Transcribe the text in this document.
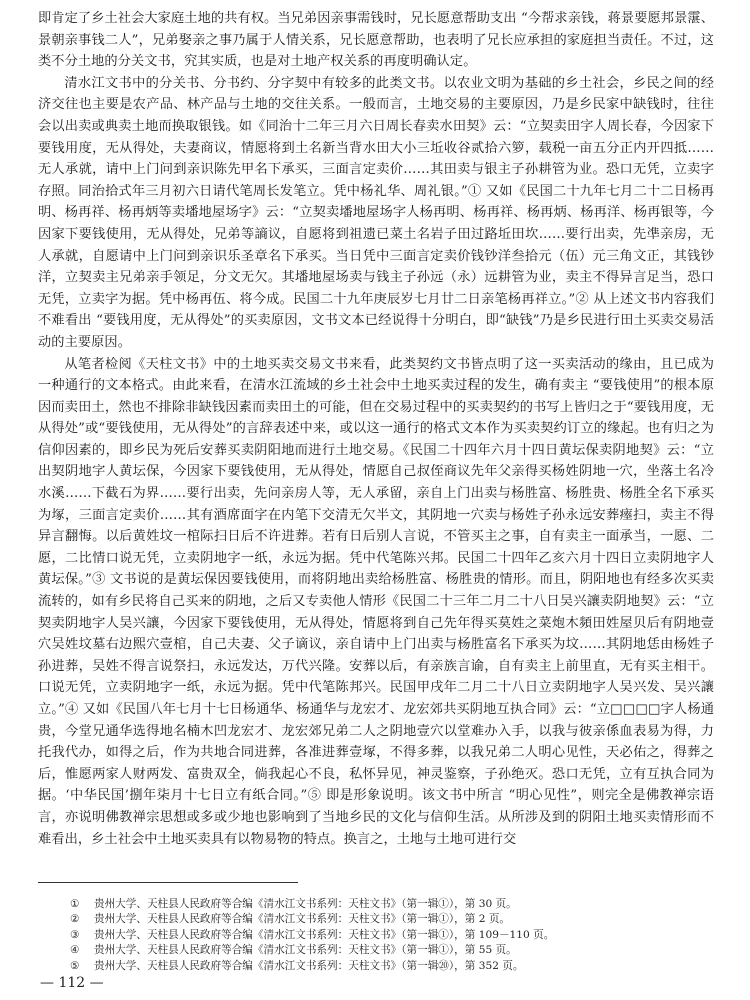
即肯定了乡土社会大家庭土地的共有权。当兄弟因亲事需钱时，兄长愿意帮助支出 “今帮求亲钱，蒋景要愿邦景霮、景朝亲事钱二人”，兄弟娶亲之事乃属于人情关系，兄长愿意帮助，也表明了兄长应承担的家庭担当责任。不过，这类不分土地的分关文书，究其实质，也是对土地产权关系的再度明确认定。

清水江文书中的分关书、分书约、分字契中有较多的此类文书。以农业文明为基础的乡土社会，乡民之间的经济交往也主要是农产品、林产品与土地的交往关系。一般而言，土地交易的主要原因，乃是乡民家中缺钱时，往往会以出卖或典卖土地而换取银钱。如《同治十二年三月六日周长春卖水田契》云：“立契卖田字人周长春，今因家下要钱用度，无从得处，夫妻商议，情愿将到土名新当背水田大小三坵收谷贰拾六箩，载税一亩五分正内开四抵……无人承就，请中上门问到亲识陈先甲名下承买，三面言定卖价……其田卖与银主子孙耕管为业。恐口无凭，立卖字存照。同治拾式年三月初六日请代笔周长发笔立。凭中杨礼华、周礼银。”① 又如《民国二十九年七月二十二日杨再明、杨再祥、杨再炳等卖墦地屋场字》云：“立契卖墦地屋场字人杨再明、杨再祥、杨再炳、杨再洋、杨再银等，今因家下要钱使用，无从得处，兄弟等謪议，自愿将到祖遗已菜土名岩子田过路坵田坎……要行出卖，先凖亲房，无人承就，自愿请中上门问到亲识乐圣章名下承买。当日凭中三面言定卖价钱钞洋叁拾元（伍）元三角文正，其钱钞洋，立契卖主兄弟亲手领足，分文无欠。其墦地屋场卖与钱主子孙远（永）远耕管为业，卖主不得异言足当，恐口无凭，立卖字为据。凭中杨再伍、将今成。民国二十九年庚辰岁七月廿二日亲笔杨再祥立。”② 从上述文书内容我们不难看出 “要钱用度，无从得处”的买卖原因，文书文本已经说得十分明白，即“缺钱”乃是乡民进行田土买卖交易活动的主要原因。

从笔者检阅《天柱文书》中的土地买卖交易文书来看，此类契约文书皆点明了这一买卖活动的缘由，且已成为一种通行的文本格式。由此来看，在清水江流域的乡土社会中土地买卖过程的发生，确有卖主 “要钱使用”的根本原因而卖田土，然也不排除非缺钱因素而卖田土的可能，但在交易过程中的买卖契约的书写上皆归之于“要钱用度，无从得处”或“要钱使用，无从得处”的言辞表述中来，或以这一通行的格式文本作为买卖契约订立的缘起。也有归之为信仰因素的，即乡民为死后安葬买卖阴阳地而进行土地交易。《民国二十四年六月十四日黄坛保卖阴地契》云：“立出契阴地字人黄坛保，今因家下要钱使用，无从得处，情愿自己叔侄商议先年父亲得买杨姓阴地一穴，坐落土名冷水溪……下截石为界……要行出卖，先问亲房人等，无人承留，亲自上门出卖与杨胜富、杨胜贵、杨胜全名下承买为塚，三面言定卖价……其有酒席面字在内笔下交清无欠半文，其阴地一穴卖与杨姓子孙永远安葬瘞扫，卖主不得异言翻悔。以后黄姓坟一棺际扫日后不许进葬。若有日后别人言说，不管买主之事，自有卖主一面承当，一愿、二愿，二比情口说无凭，立卖阴地字一纸，永远为据。凭中代笔陈兴邦。民国二十四年乙亥六月十四日立卖阴地字人黄坛保。”③ 文书说的是黄坛保因要钱使用，而将阴地出卖给杨胜富、杨胜贵的情形。而且，阴阳地也有经多次买卖流转的，如有乡民将自己买来的阴地，之后又专卖他人情形《民国二十三年二月二十八日吴兴讓卖阴地契》云：“立契卖阴地字人吴兴讓，今因家下要钱使用，无从得处，情愿将到自己先年得买莫姓之菜炮木頻田姓屋贝后有阴地壹穴吴姓坟墓右边熙穴壹棺，自己夫妻、父子谪议，亲自请中上门出卖与杨胜富名下承买为坟……其阴地恁由杨姓子孙进葬，吴姓不得言说祭扫，永远发达，万代兴隆。安葬以后，有亲族言谕，自有卖主上前里直，无有买主相干。口说无凭，立卖阴地字一纸，永远为据。凭中代笔陈邦兴。民国甲戌年二月二十八日立卖阴地字人吴兴发、吴兴讓立。”④ 又如《民国八年七月十七日杨通华、杨通华与龙宏才、龙宏郊共买阴地互执合同》云：“立□□□□字人杨通贵，今堂兄通华选得地名楠木凹龙宏才、龙宏郊兄弟二人之阴地壹穴以堂难办入手，以我与彼亲係血表易为得，力托我代办，如得之后，作为共地合同进葬，各准进葬壹塚，不得多葬，以我兄弟二人明心见性，天必佑之，得葬之后，惟愿两家人财两发、富贵双全，倘我起心不良，私怀异见，神灵鉴察，子孙绝灭。恐口无凭，立有互执合同为据。‘中华民国’捌年柒月十七日立有纸合同。”⑤ 即是形象说明。该文书中所言 “明心见性”，则完全是佛教禅宗语言，亦说明佛教禅宗思想或多或少地也影响到了当地乡民的文化与信仰生活。从所涉及到的阴阳土地买卖情形而不难看出，乡土社会中土地买卖具有以物易物的特点。换言之，土地与土地可进行交

① 贵州大学、天柱县人民政府等合编《清水江文书系列：天柱文书》（第一辑①），第 30 页。
② 贵州大学、天柱县人民政府等合编《清水江文书系列：天柱文书》（第一辑①），第 2 页。
③ 贵州大学、天柱县人民政府等合编《清水江文书系列：天柱文书》（第一辑①），第 109－110 页。
④ 贵州大学、天柱县人民政府等合编《清水江文书系列：天柱文书》（第一辑①），第 55 页。
⑤ 贵州大学、天柱县人民政府等合编《清水江文书系列：天柱文书》（第一辑⑳），第 352 页。
— 112 —
